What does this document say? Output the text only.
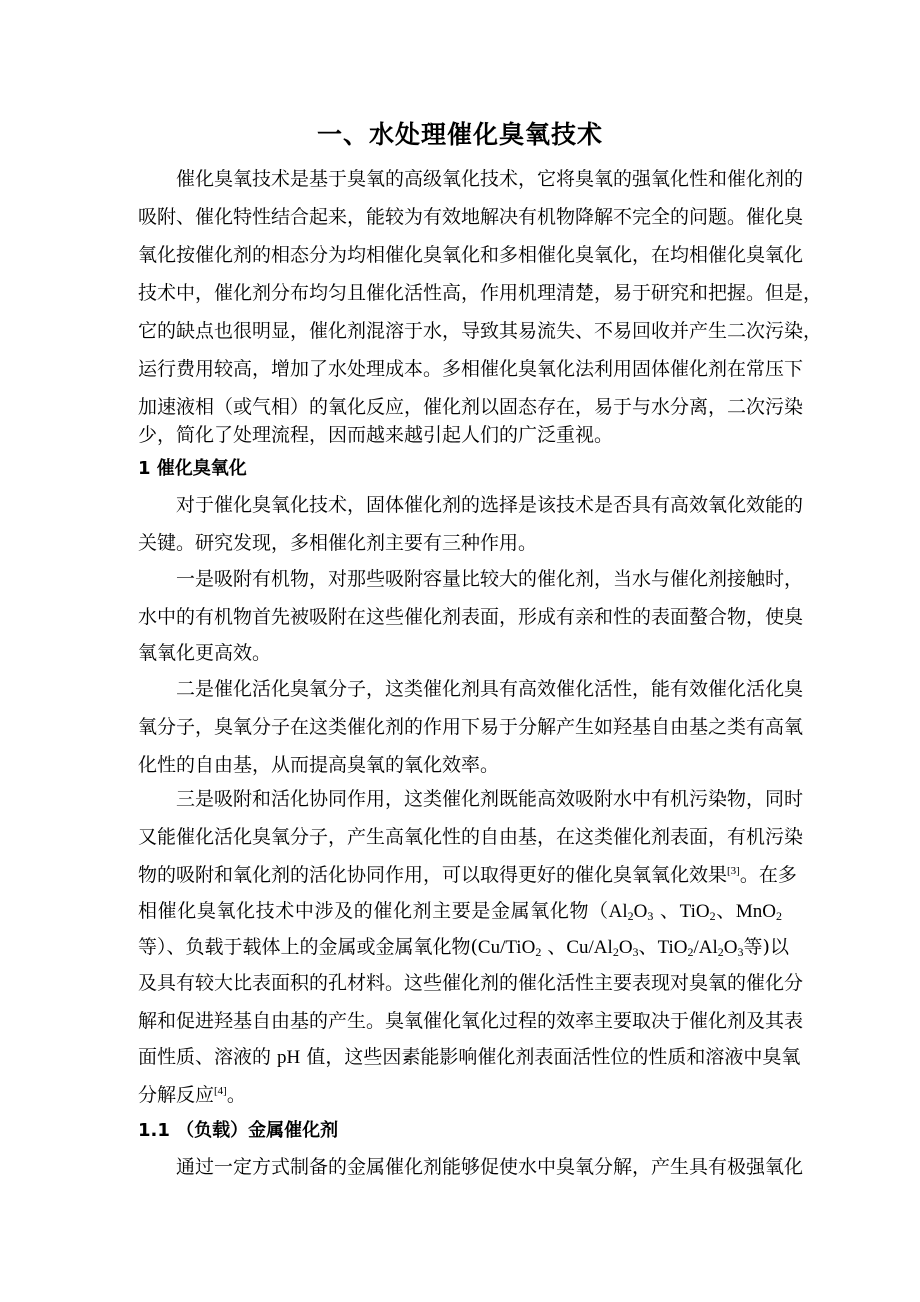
一、水处理催化臭氧技术
催化臭氧技术是基于臭氧的高级氧化技术，它将臭氧的强氧化性和催化剂的
吸附、催化特性结合起来，能较为有效地解决有机物降解不完全的问题。催化臭
氧化按催化剂的相态分为均相催化臭氧化和多相催化臭氧化，在均相催化臭氧化
技术中，催化剂分布均匀且催化活性高，作用机理清楚，易于研究和把握。但是，
它的缺点也很明显，催化剂混溶于水，导致其易流失、不易回收并产生二次污染，
运行费用较高，增加了水处理成本。多相催化臭氧化法利用固体催化剂在常压下
加速液相（或气相）的氧化反应，催化剂以固态存在，易于与水分离，二次污染
少，简化了处理流程，因而越来越引起人们的广泛重视。
1 催化臭氧化
对于催化臭氧化技术，固体催化剂的选择是该技术是否具有高效氧化效能的
关键。研究发现，多相催化剂主要有三种作用。
一是吸附有机物，对那些吸附容量比较大的催化剂，当水与催化剂接触时，
水中的有机物首先被吸附在这些催化剂表面，形成有亲和性的表面螯合物，使臭
氧氧化更高效。
二是催化活化臭氧分子，这类催化剂具有高效催化活性，能有效催化活化臭
氧分子，臭氧分子在这类催化剂的作用下易于分解产生如羟基自由基之类有高氧
化性的自由基，从而提高臭氧的氧化效率。
三是吸附和活化协同作用，这类催化剂既能高效吸附水中有机污染物，同时
又能催化活化臭氧分子，产生高氧化性的自由基，在这类催化剂表面，有机污染
物的吸附和氧化剂的活化协同作用，可以取得更好的催化臭氧氧化效果[3]。在多
相催化臭氧化技术中涉及的催化剂主要是金属氧化物（$Al_2O_3$ 、TiO$_2$、MnO$_2$
等）、负载于载体上的金属或金属氧化物(Cu/TiO$_2$ 、$Cu/Al_2O_3$、$TiO_2/Al_2O_3$等)以
及具有较大比表面积的孔材料。这些催化剂的催化活性主要表现对臭氧的催化分
解和促进羟基自由基的产生。臭氧催化氧化过程的效率主要取决于催化剂及其表
面性质、溶液的 pH 值，这些因素能影响催化剂表面活性位的性质和溶液中臭氧
分解反应[4]。
1.1 （负载）金属催化剂
通过一定方式制备的金属催化剂能够促使水中臭氧分解，产生具有极强氧化
